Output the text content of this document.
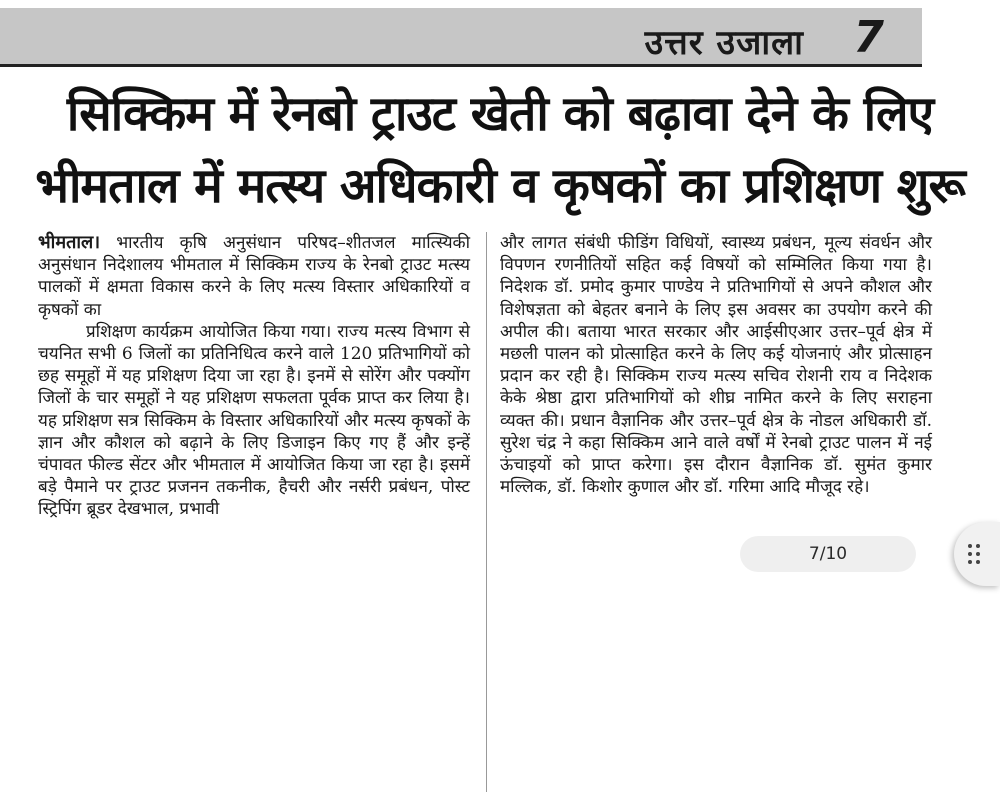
उत्तर उजाला 7
सिक्किम में रेनबो ट्राउट खेती को बढ़ावा देने के लिए
भीमताल में मत्स्य अधिकारी व कृषकों का प्रशिक्षण शुरू

भीमताल। भारतीय कृषि अनुसंधान परिषद–शीतजल मात्स्यिकी अनुसंधान निदेशालय भीमताल में सिक्किम राज्य के रेनबो ट्राउट मत्स्य पालकों में क्षमता विकास करने के लिए मत्स्य विस्तार अधिकारियों व कृषकों का

प्रशिक्षण कार्यक्रम आयोजित किया गया। राज्य मत्स्य विभाग से चयनित सभी 6 जिलों का प्रतिनिधित्व करने वाले 120 प्रतिभागियों को छह समूहों में यह प्रशिक्षण दिया जा रहा है। इनमें से सोरेंग और पक्योंग जिलों के चार समूहों ने यह प्रशिक्षण सफलता पूर्वक प्राप्त कर लिया है। यह प्रशिक्षण सत्र सिक्किम के विस्तार अधिकारियों और मत्स्य कृषकों के ज्ञान और कौशल को बढ़ाने के लिए डिजाइन किए गए हैं और इन्हें चंपावत फील्ड सेंटर और भीमताल में आयोजित किया जा रहा है। इसमें बड़े पैमाने पर ट्राउट प्रजनन तकनीक, हैचरी और नर्सरी प्रबंधन, पोस्ट स्ट्रिपिंग ब्रूडर देखभाल, प्रभावी

और लागत संबंधी फीडिंग विधियों, स्वास्थ्य प्रबंधन, मूल्य संवर्धन और विपणन रणनीतियों सहित कई विषयों को सम्मिलित किया गया है। निदेशक डॉ. प्रमोद कुमार पाण्डेय ने प्रतिभागियों से अपने कौशल और विशेषज्ञता को बेहतर बनाने के लिए इस अवसर का उपयोग करने की अपील की। बताया भारत सरकार और आईसीएआर उत्तर–पूर्व क्षेत्र में मछली पालन को प्रोत्साहित करने के लिए कई योजनाएं और प्रोत्साहन प्रदान कर रही है। सिक्किम राज्य मत्स्य सचिव रोशनी राय व निदेशक केके श्रेष्ठा द्वारा प्रतिभागियों को शीघ्र नामित करने के लिए सराहना व्यक्त की। प्रधान वैज्ञानिक और उत्तर–पूर्व क्षेत्र के नोडल अधिकारी डॉ. सुरेश चंद्र ने कहा सिक्किम आने वाले वर्षों में रेनबो ट्राउट पालन में नई ऊंचाइयों को प्राप्त करेगा। इस दौरान वैज्ञानिक डॉ. सुमंत कुमार मल्लिक, डॉ. किशोर कुणाल और डॉ. गरिमा आदि मौजूद रहे।

7/10
